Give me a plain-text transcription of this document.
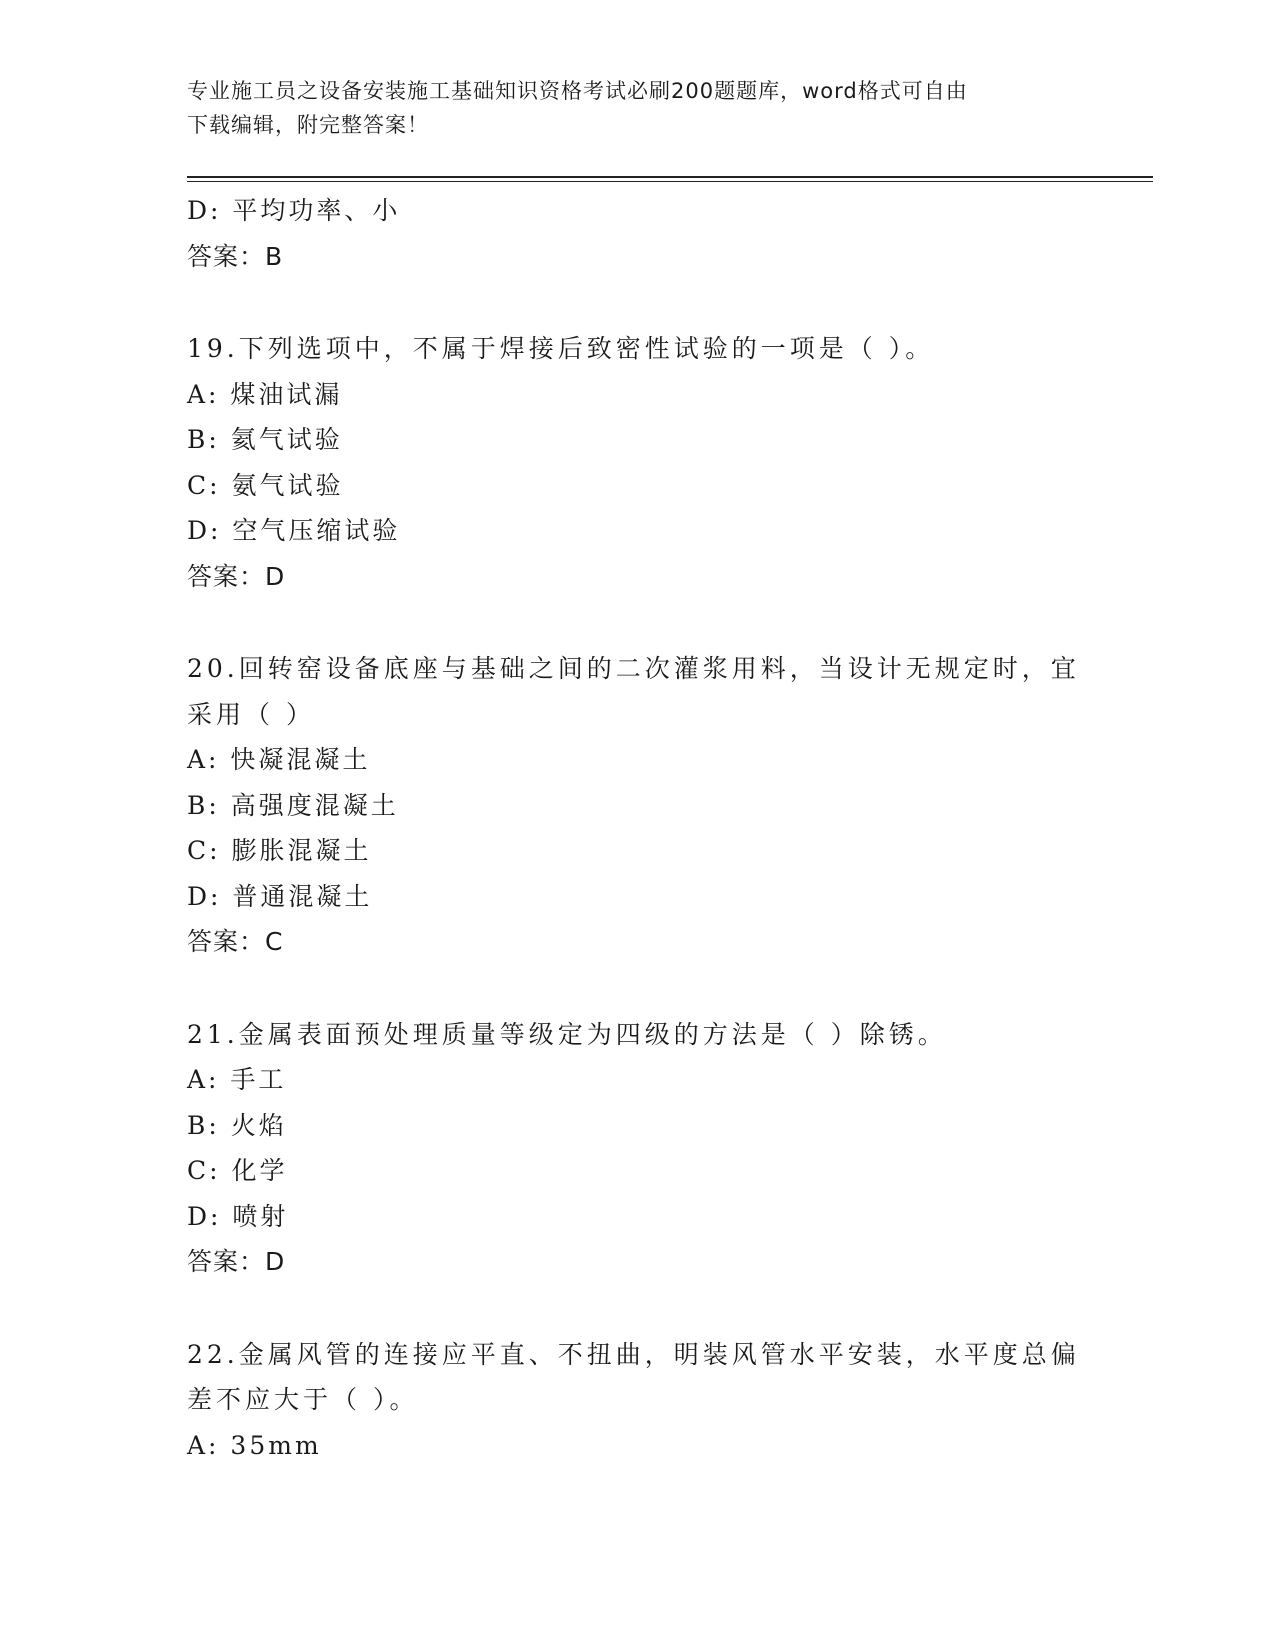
专业施工员之设备安装施工基础知识资格考试必刷200题题库，word格式可自由
下载编辑，附完整答案！
D: 平均功率、小
答案：B
19.下列选项中，不属于焊接后致密性试验的一项是（ ）。
A: 煤油试漏
B: 氦气试验
C: 氨气试验
D: 空气压缩试验
答案：D
20.回转窑设备底座与基础之间的二次灌浆用料，当设计无规定时，宜
采用（ ）
A: 快凝混凝土
B: 高强度混凝土
C: 膨胀混凝土
D: 普通混凝土
答案：C
21.金属表面预处理质量等级定为四级的方法是（ ）除锈。
A: 手工
B: 火焰
C: 化学
D: 喷射
答案：D
22.金属风管的连接应平直、不扭曲，明装风管水平安装，水平度总偏
差不应大于（ ）。
A: 35mm
